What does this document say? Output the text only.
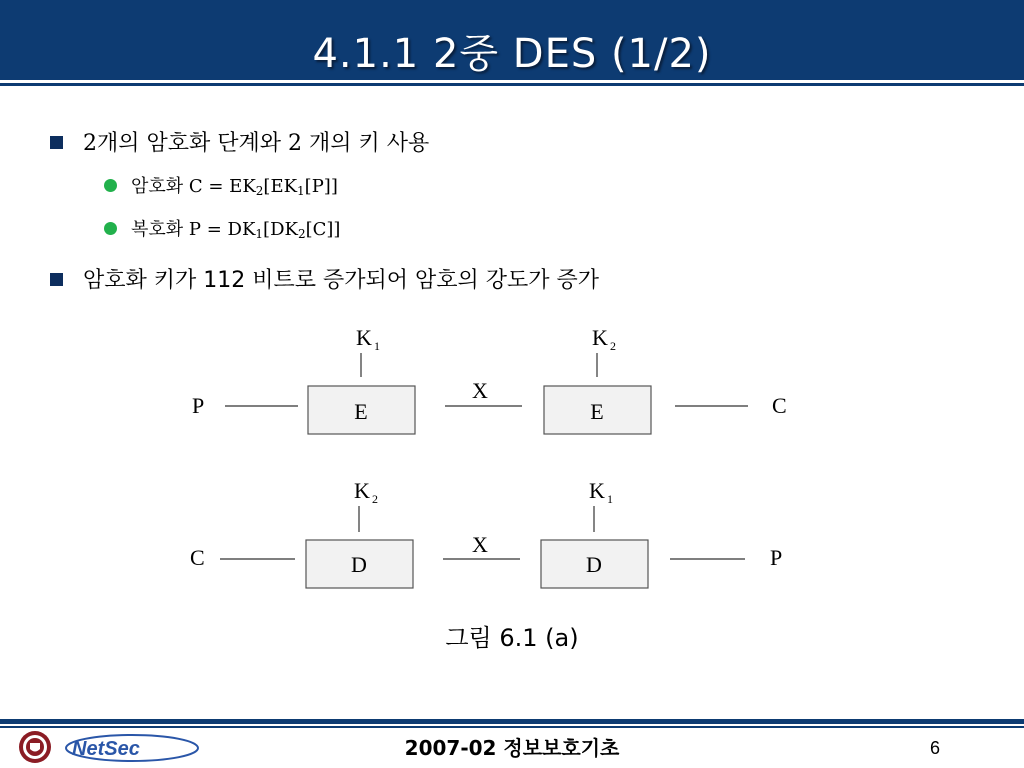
4.1.1 2중 DES (1/2)
2개의 암호화 단계와 2 개의 키 사용
암호화 $C = EK_2[EK_1[P]]$
복호화 $P = DK_1[DK_2[C]]$
암호화 키가 112 비트로 증가되어 암호의 강도가 증가
P	E
K 1
X
E
K 2
C
C	D
K 2
X
D
K 1
P
그림 6.1 (a)
NetSec	2007-02 정보보호기초	6
